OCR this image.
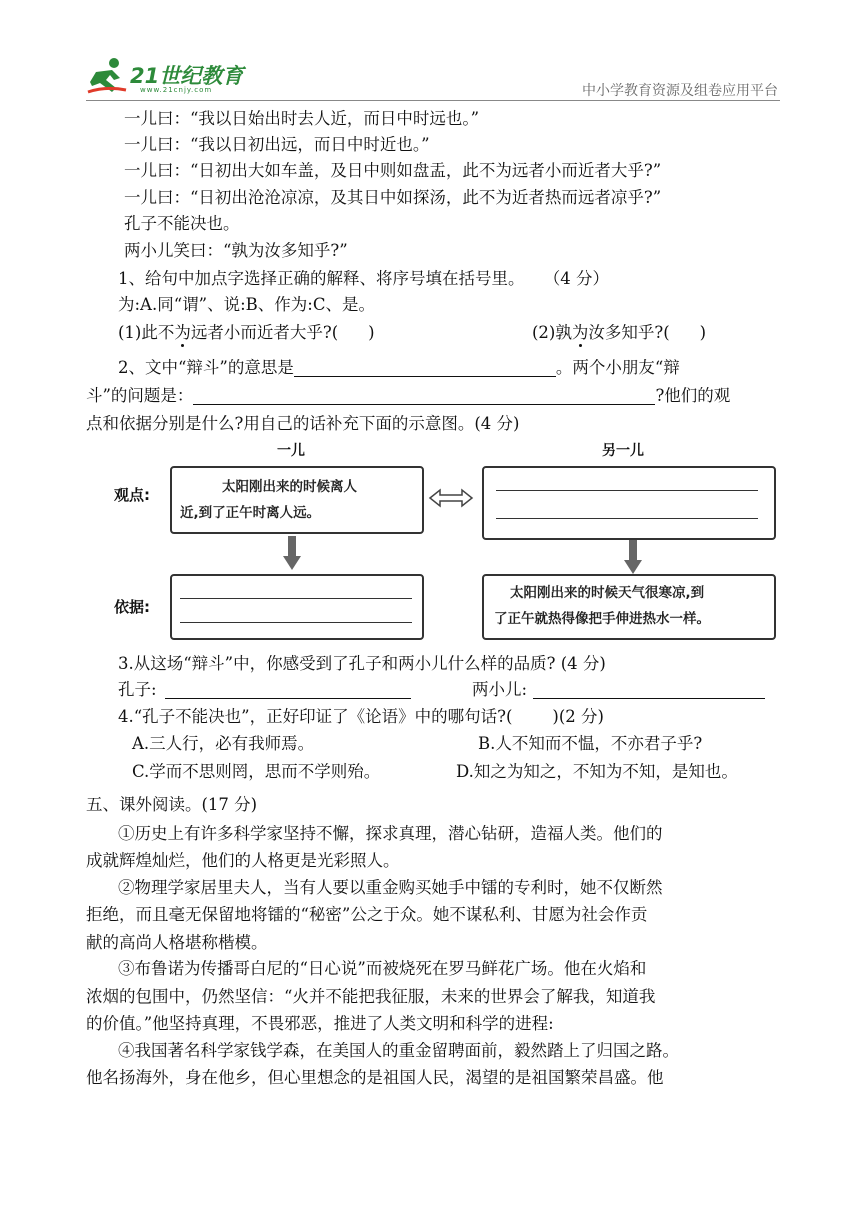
21世纪教育
www.21cnjy.com	中小学教育资源及组卷应用平台
一儿曰：“我以日始出时去人近，而日中时远也。”
一儿曰：“我以日初出远，而日中时近也。”
一儿曰：“日初出大如车盖，及日中则如盘盂，此不为远者小而近者大乎?”
一儿曰：“日初出沧沧凉凉，及其日中如探汤，此不为近者热而远者凉乎?”
孔子不能决也。
两小儿笑曰：“孰为汝多知乎?”
1、给句中加点字选择正确的解释、将序号填在括号里。 （4 分）
为:A.同“谓”、说:B、作为:C、是。
(1)此不为远者小而近者大乎?( )	(2)孰为汝多知乎?( )
2、文中“辩斗”的意思是	。两个小朋友“辩
斗”的问题是：	?他们的观
点和依据分别是什么?用自己的话补充下面的示意图。(4 分)
一儿	另一儿
观点:
依据:
太阳刚出来的时候离人
近,到了正午时离人远。
太阳刚出来的时候天气很寒凉,到
了正午就热得像把手伸进热水一样。
3.从这场“辩斗”中，你感受到了孔子和两小儿什么样的品质? (4 分)
孔子:	两小儿:
4.“孔子不能决也”，正好印证了《论语》中的哪句话?( )(2 分)
A.三人行，必有我师焉。	B.人不知而不愠，不亦君子乎?
C.学而不思则罔，思而不学则殆。	D.知之为知之，不知为不知，是知也。
五、课外阅读。(17 分)
①历史上有许多科学家坚持不懈，探求真理，潜心钻研，造福人类。他们的
成就辉煌灿烂，他们的人格更是光彩照人。
②物理学家居里夫人，当有人要以重金购买她手中镭的专利时，她不仅断然
拒绝，而且毫无保留地将镭的“秘密”公之于众。她不谋私利、甘愿为社会作贡
献的高尚人格堪称楷模。
③布鲁诺为传播哥白尼的“日心说”而被烧死在罗马鲜花广场。他在火焰和
浓烟的包围中，仍然坚信：“火并不能把我征服，未来的世界会了解我，知道我
的价值。”他坚持真理，不畏邪恶，推进了人类文明和科学的进程:
④我国著名科学家钱学森，在美国人的重金留聘面前，毅然踏上了归国之路。
他名扬海外，身在他乡，但心里想念的是祖国人民，渴望的是祖国繁荣昌盛。他
